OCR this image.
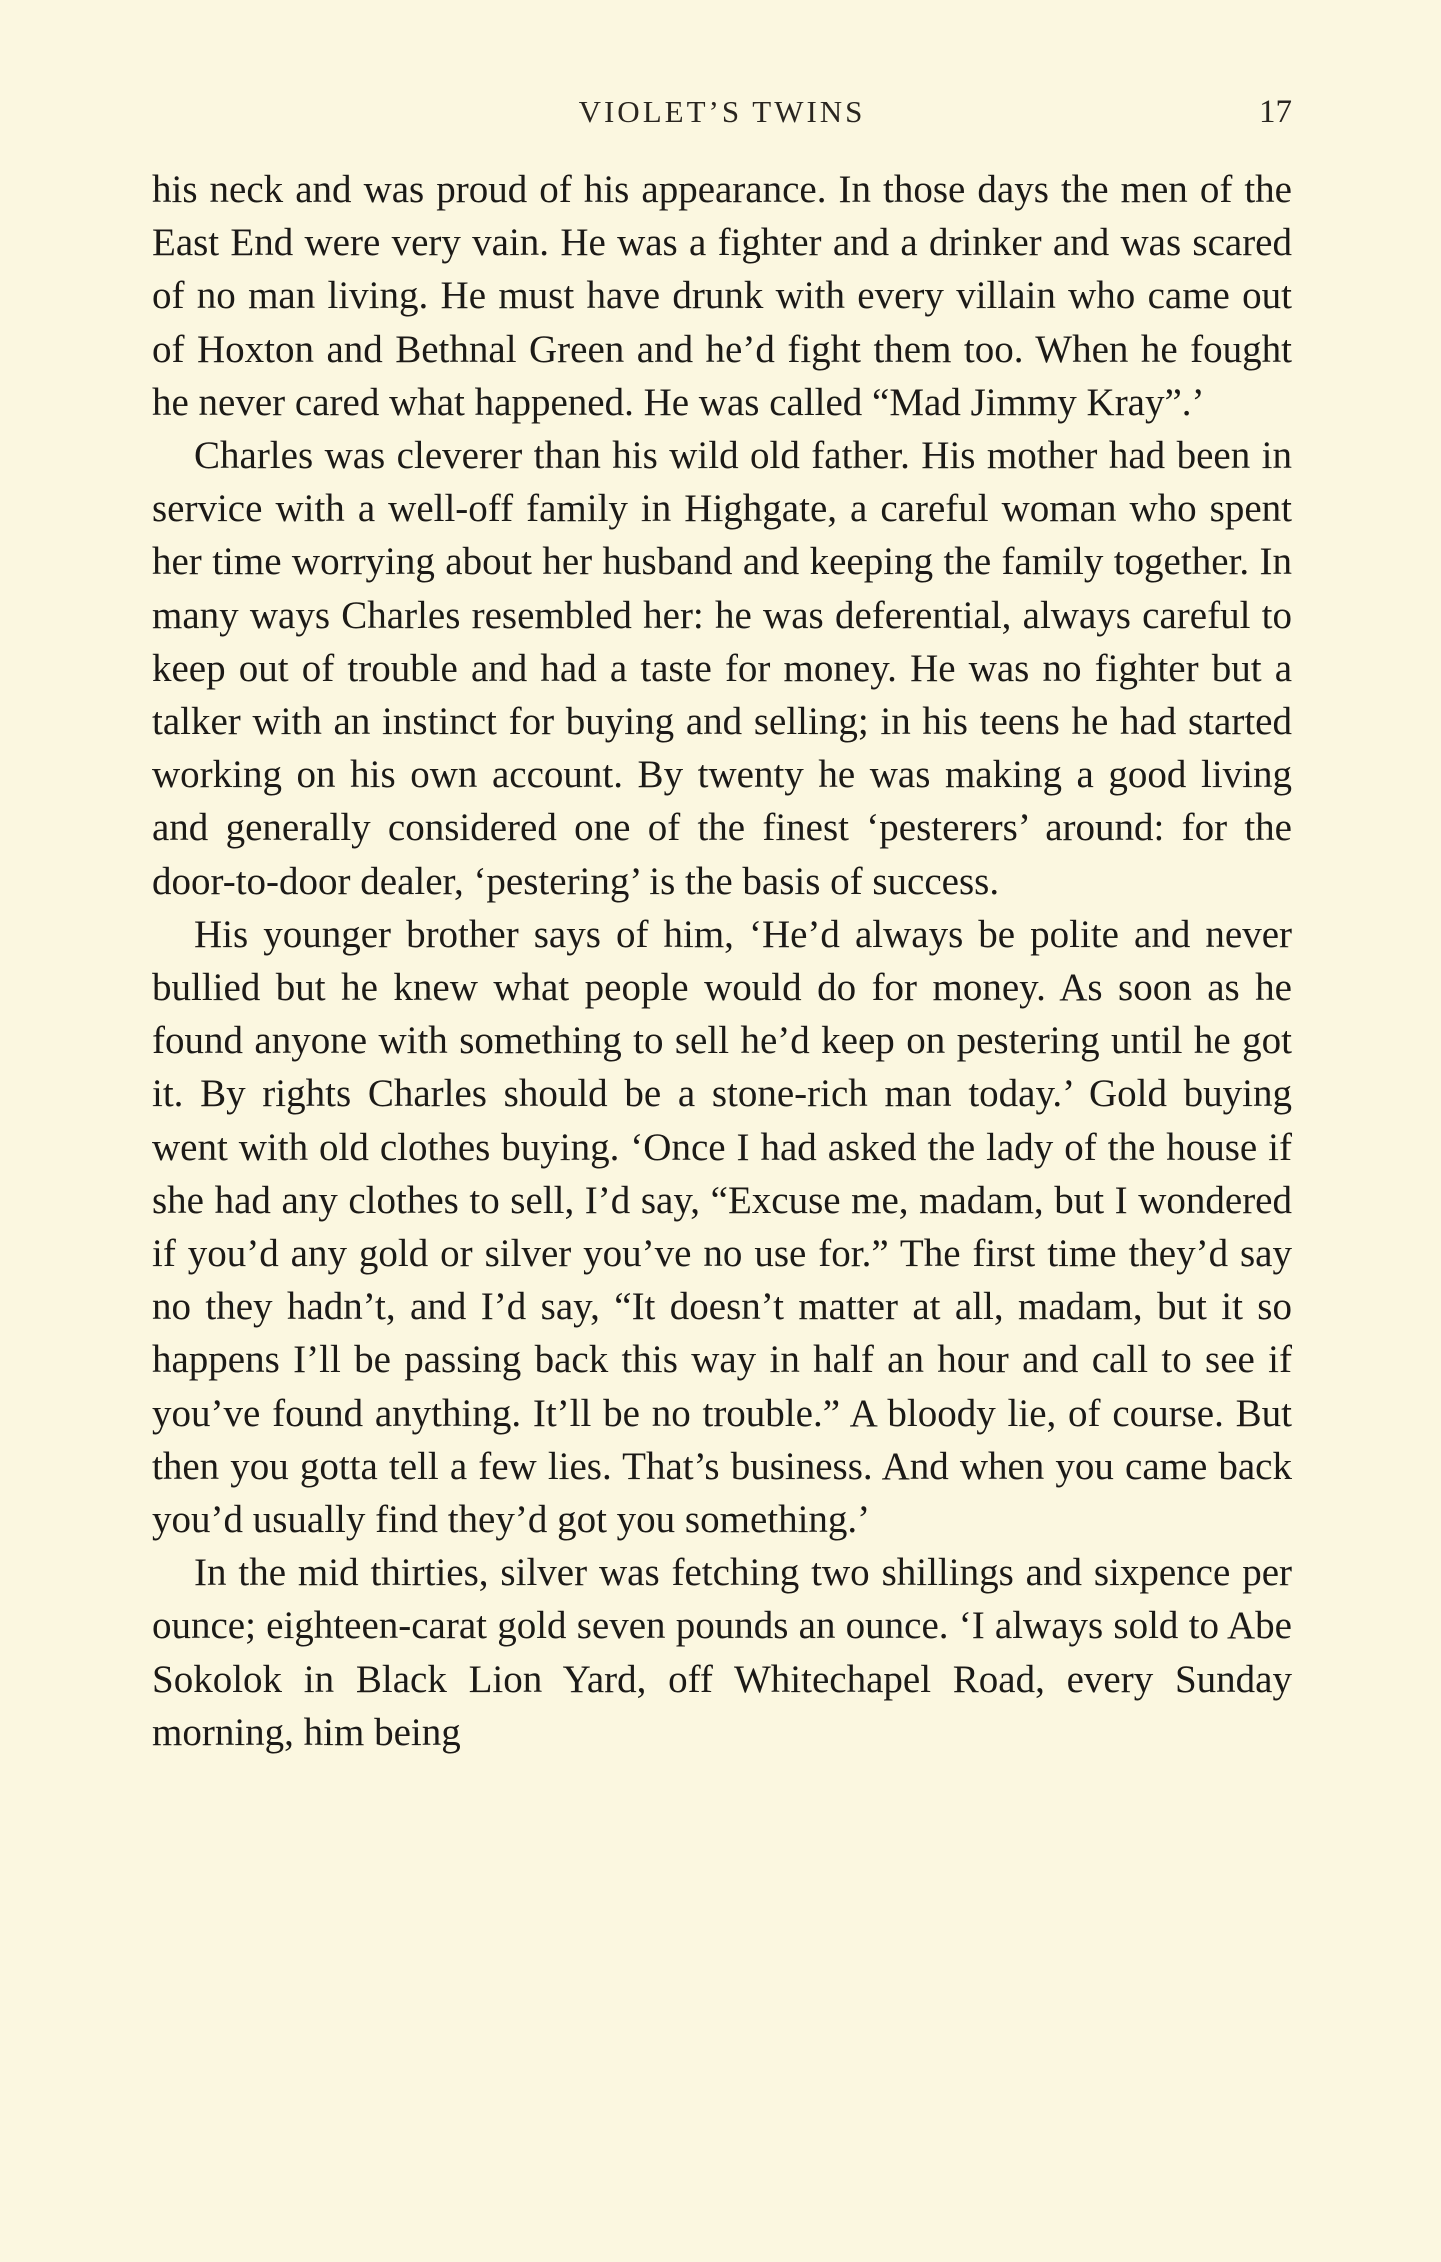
VIOLET’S TWINS	17

his neck and was proud of his appearance. In those days the men of the East End were very vain. He was a fighter and a drinker and was scared of no man living. He must have drunk with every villain who came out of Hoxton and Bethnal Green and he’d fight them too. When he fought he never cared what happened. He was called “Mad Jimmy Kray”.’

Charles was cleverer than his wild old father. His mother had been in service with a well-off family in Highgate, a careful woman who spent her time worrying about her husband and keeping the family together. In many ways Charles resembled her: he was deferential, always careful to keep out of trouble and had a taste for money. He was no fighter but a talker with an instinct for buying and selling; in his teens he had started working on his own account. By twenty he was making a good living and generally considered one of the finest ‘pesterers’ around: for the door-to-door dealer, ‘pestering’ is the basis of success.

His younger brother says of him, ‘He’d always be polite and never bullied but he knew what people would do for money. As soon as he found anyone with something to sell he’d keep on pestering until he got it. By rights Charles should be a stone-rich man today.’ Gold buying went with old clothes buying. ‘Once I had asked the lady of the house if she had any clothes to sell, I’d say, “Excuse me, madam, but I wondered if you’d any gold or silver you’ve no use for.” The first time they’d say no they hadn’t, and I’d say, “It doesn’t matter at all, madam, but it so happens I’ll be passing back this way in half an hour and call to see if you’ve found anything. It’ll be no trouble.” A bloody lie, of course. But then you gotta tell a few lies. That’s business. And when you came back you’d usually find they’d got you something.’

In the mid thirties, silver was fetching two shillings and sixpence per ounce; eighteen-carat gold seven pounds an ounce. ‘I always sold to Abe Sokolok in Black Lion Yard, off Whitechapel Road, every Sunday morning, him being
